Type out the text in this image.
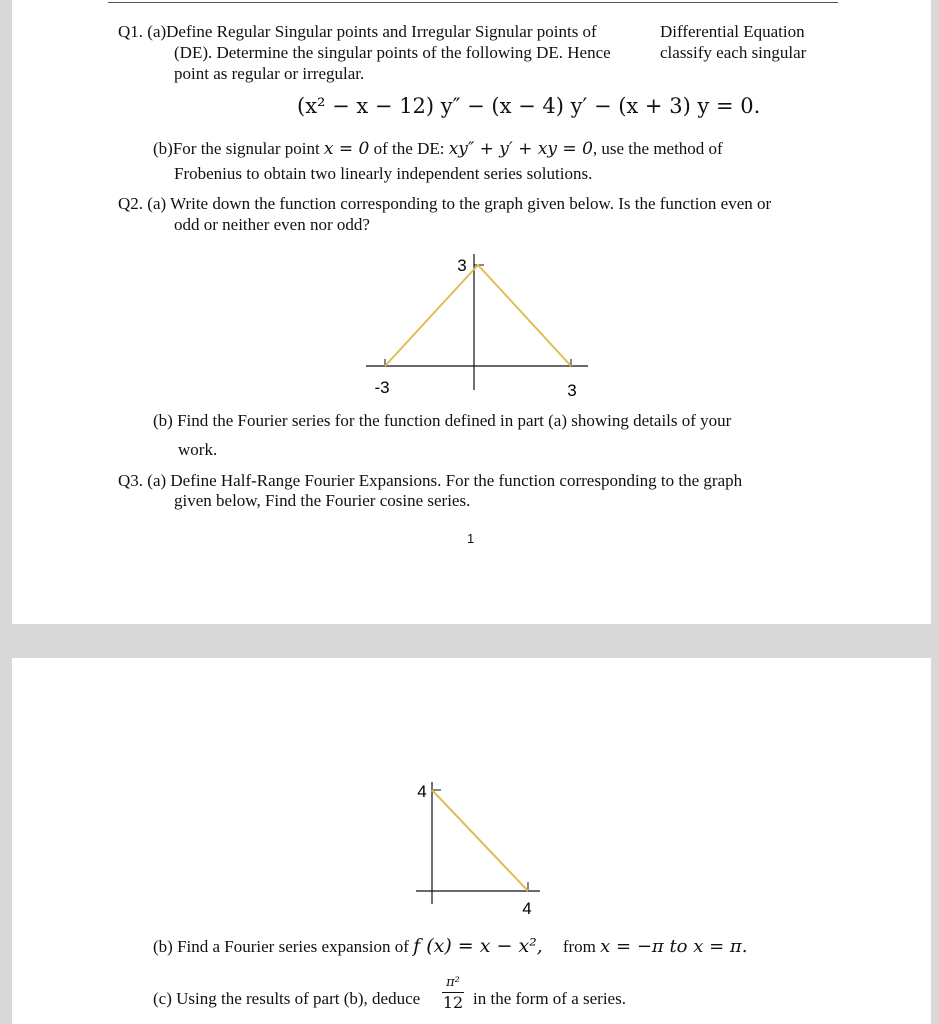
Q1. (a)Define Regular Singular points and Irregular Signular points of	Differential Equation
(DE). Determine the singular points of the following DE. Hence	classify each singular
point as regular or irregular.
(x² − x − 12) y″ − (x − 4) y′ − (x + 3) y = 0.
(b)For the signular point x = 0 of the DE: xy″ + y′ + xy = 0, use the method of
Frobenius to obtain two linearly independent series solutions.
Q2. (a) Write down the function corresponding to the graph given below. Is the function even or
odd or neither even nor odd?
3
-3	3
(b) Find the Fourier series for the function defined in part (a) showing details of your
work.
Q3. (a) Define Half-Range Fourier Expansions. For the function corresponding to the graph
given below, Find the Fourier cosine series.
1
4
4
(b) Find a Fourier series expansion of f (x) = x − x², from x = −π to x = π.
(c) Using the results of part (b), deduce
π²
12 in the form of a series.
